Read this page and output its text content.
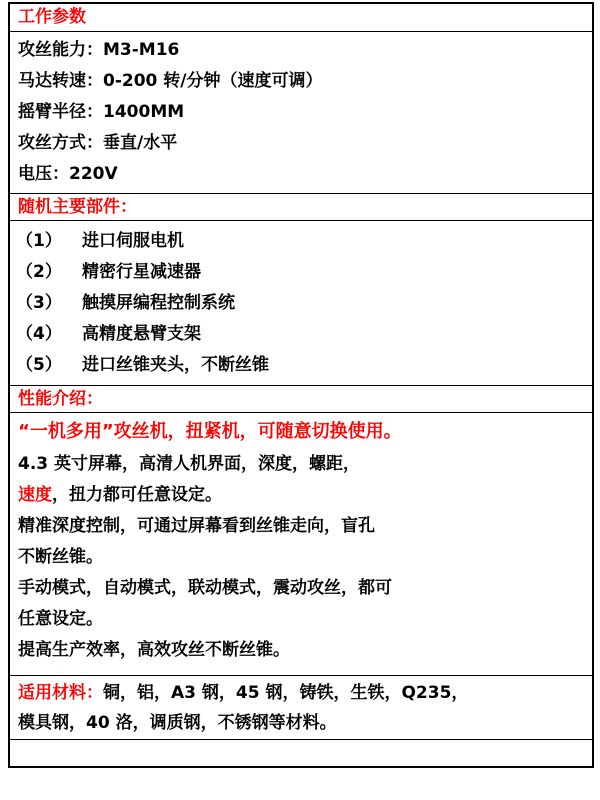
工作参数
攻丝能力：M3-M16
马达转速：0-200 转/分钟（速度可调）
摇臂半径：1400MM
攻丝方式：垂直/水平
电压：220V
随机主要部件：
（1） 进口伺服电机
（2） 精密行星减速器
（3） 触摸屏编程控制系统
（4） 高精度悬臂支架
（5） 进口丝锥夹头，不断丝锥
性能介绍：
“一机多用”攻丝机，扭紧机，可随意切换使用。
4.3 英寸屏幕，高清人机界面，深度，螺距，
速度，扭力都可任意设定。
精准深度控制，可通过屏幕看到丝锥走向，盲孔
不断丝锥。
手动模式，自动模式，联动模式，震动攻丝，都可
任意设定。
提高生产效率，高效攻丝不断丝锥。
适用材料：铜，铝，A3 钢，45 钢，铸铁，生铁，Q235，
模具钢，40 洛，调质钢，不锈钢等材料。
